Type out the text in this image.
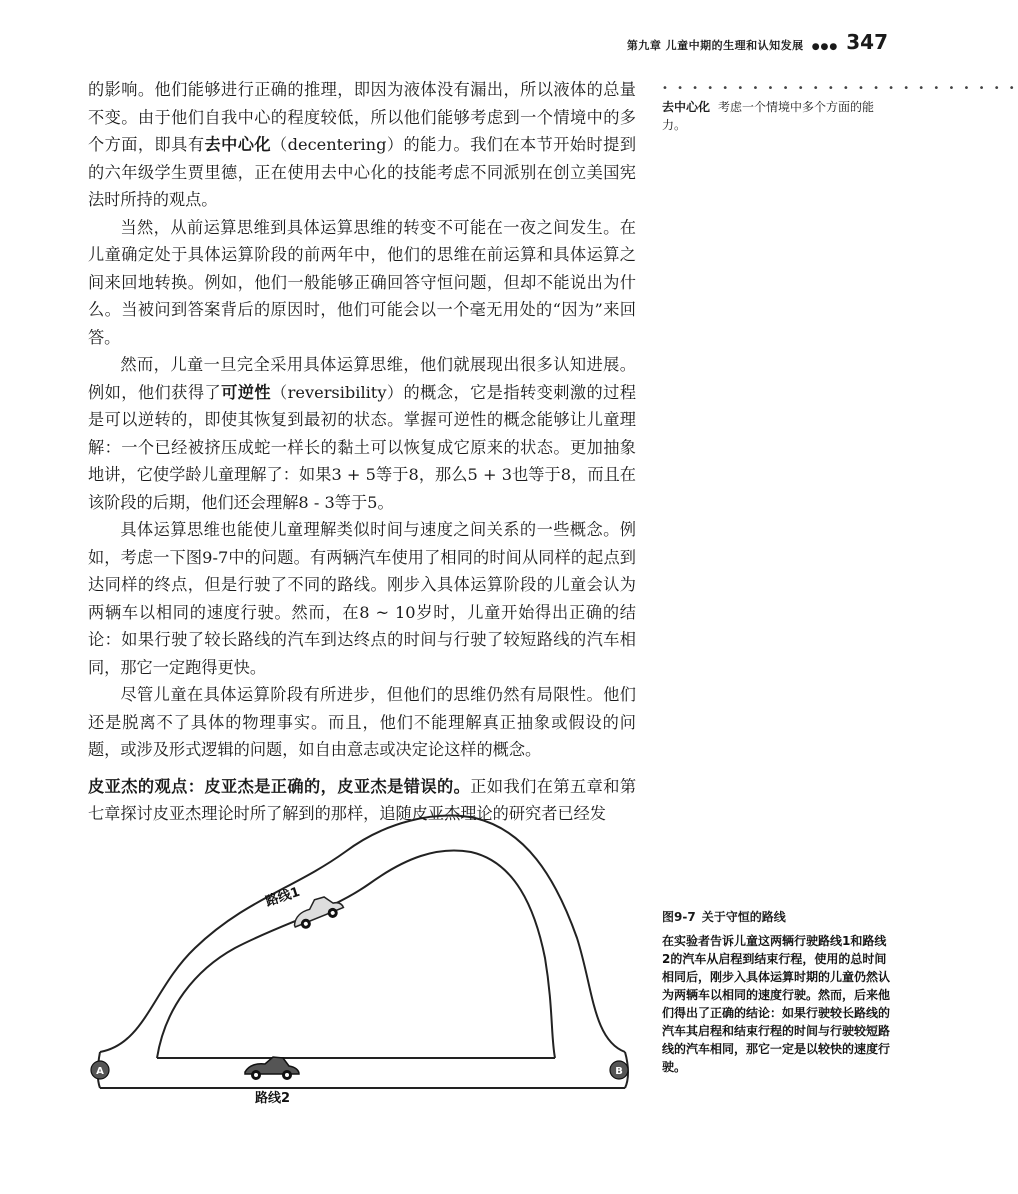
第九章 儿童中期的生理和认知发展 ●●● 347

的影响。他们能够进行正确的推理，即因为液体没有漏出，所以液体的总量不变。由于他们自我中心的程度较低，所以他们能够考虑到一个情境中的多个方面，即具有去中心化（decentering）的能力。我们在本节开始时提到的六年级学生贾里德，正在使用去中心化的技能考虑不同派别在创立美国宪法时所持的观点。

当然，从前运算思维到具体运算思维的转变不可能在一夜之间发生。在儿童确定处于具体运算阶段的前两年中，他们的思维在前运算和具体运算之间来回地转换。例如，他们一般能够正确回答守恒问题，但却不能说出为什么。当被问到答案背后的原因时，他们可能会以一个毫无用处的“因为”来回答。

然而，儿童一旦完全采用具体运算思维，他们就展现出很多认知进展。例如，他们获得了可逆性（reversibility）的概念，它是指转变刺激的过程是可以逆转的，即使其恢复到最初的状态。掌握可逆性的概念能够让儿童理解：一个已经被挤压成蛇一样长的黏土可以恢复成它原来的状态。更加抽象地讲，它使学龄儿童理解了：如果3 + 5等于8，那么5 + 3也等于8，而且在该阶段的后期，他们还会理解8 - 3等于5。

具体运算思维也能使儿童理解类似时间与速度之间关系的一些概念。例如，考虑一下图9-7中的问题。有两辆汽车使用了相同的时间从同样的起点到达同样的终点，但是行驶了不同的路线。刚步入具体运算阶段的儿童会认为两辆车以相同的速度行驶。然而，在8 ~ 10岁时，儿童开始得出正确的结论：如果行驶了较长路线的汽车到达终点的时间与行驶了较短路线的汽车相同，那它一定跑得更快。

尽管儿童在具体运算阶段有所进步，但他们的思维仍然有局限性。他们还是脱离不了具体的物理事实。而且，他们不能理解真正抽象或假设的问题，或涉及形式逻辑的问题，如自由意志或决定论这样的概念。

皮亚杰的观点：皮亚杰是正确的，皮亚杰是错误的。正如我们在第五章和第七章探讨皮亚杰理论时所了解到的那样，追随皮亚杰理论的研究者已经发

• • • • • • • • • • • • • • • • • • • • • • • •
去中心化 考虑一个情境中多个方面的能力。
A	B
路线1
路线2
图9-7 关于守恒的路线
在实验者告诉儿童这两辆行驶路线1和路线2的汽车从启程到结束行程，使用的总时间相同后，刚步入具体运算时期的儿童仍然认为两辆车以相同的速度行驶。然而，后来他们得出了正确的结论：如果行驶较长路线的汽车其启程和结束行程的时间与行驶较短路线的汽车相同，那它一定是以较快的速度行驶。
